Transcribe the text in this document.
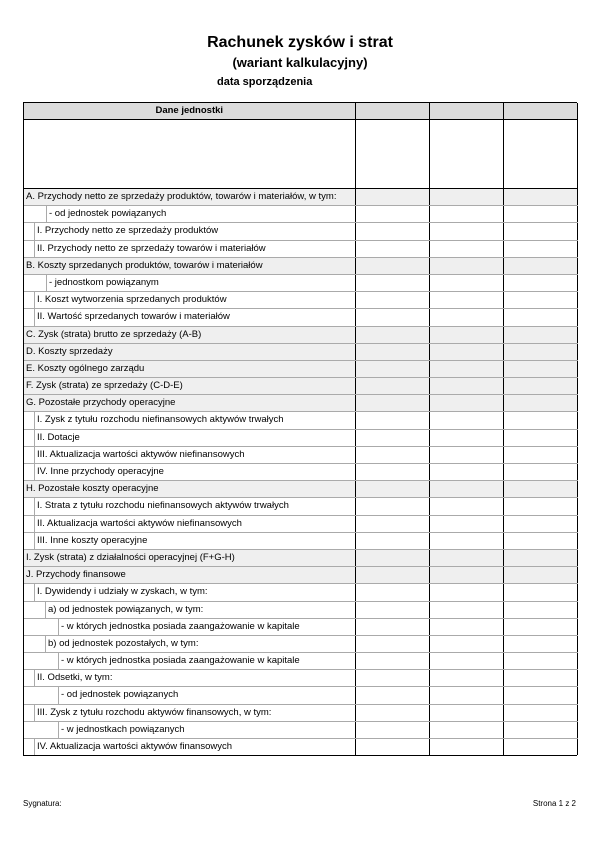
Rachunek zysków i strat
(wariant kalkulacyjny)
data sporządzenia
Dane jednostki			

A. Przychody netto ze sprzedaży produktów, towarów i materiałów, w tym:			

- od jednostek powiązanych			

I. Przychody netto ze sprzedaży produktów			

II. Przychody netto ze sprzedaży towarów i materiałów			

B. Koszty sprzedanych produktów, towarów i materiałów			

- jednostkom powiązanym			

I. Koszt wytworzenia sprzedanych produktów			

II. Wartość sprzedanych towarów i materiałów			

C. Zysk (strata) brutto ze sprzedaży (A-B)			

D. Koszty sprzedaży			

E. Koszty ogólnego zarządu			

F. Zysk (strata) ze sprzedaży (C-D-E)			

G. Pozostałe przychody operacyjne			

I. Zysk z tytułu rozchodu niefinansowych aktywów trwałych			

II. Dotacje			

III. Aktualizacja wartości aktywów niefinansowych			

IV. Inne przychody operacyjne			

H. Pozostałe koszty operacyjne			

I. Strata z tytułu rozchodu niefinansowych aktywów trwałych			

II. Aktualizacja wartości aktywów niefinansowych			

III. Inne koszty operacyjne			

I. Zysk (strata) z działalności operacyjnej (F+G-H)			

J. Przychody finansowe			

I. Dywidendy i udziały w zyskach, w tym:			

a) od jednostek powiązanych, w tym:			

- w których jednostka posiada zaangażowanie w kapitale			

b) od jednostek pozostałych, w tym:			

- w których jednostka posiada zaangażowanie w kapitale			

II. Odsetki, w tym:			

- od jednostek powiązanych			

III. Zysk z tytułu rozchodu aktywów finansowych, w tym:			

- w jednostkach powiązanych			

IV. Aktualizacja wartości aktywów finansowych			

Sygnatura:	Strona 1 z 2
